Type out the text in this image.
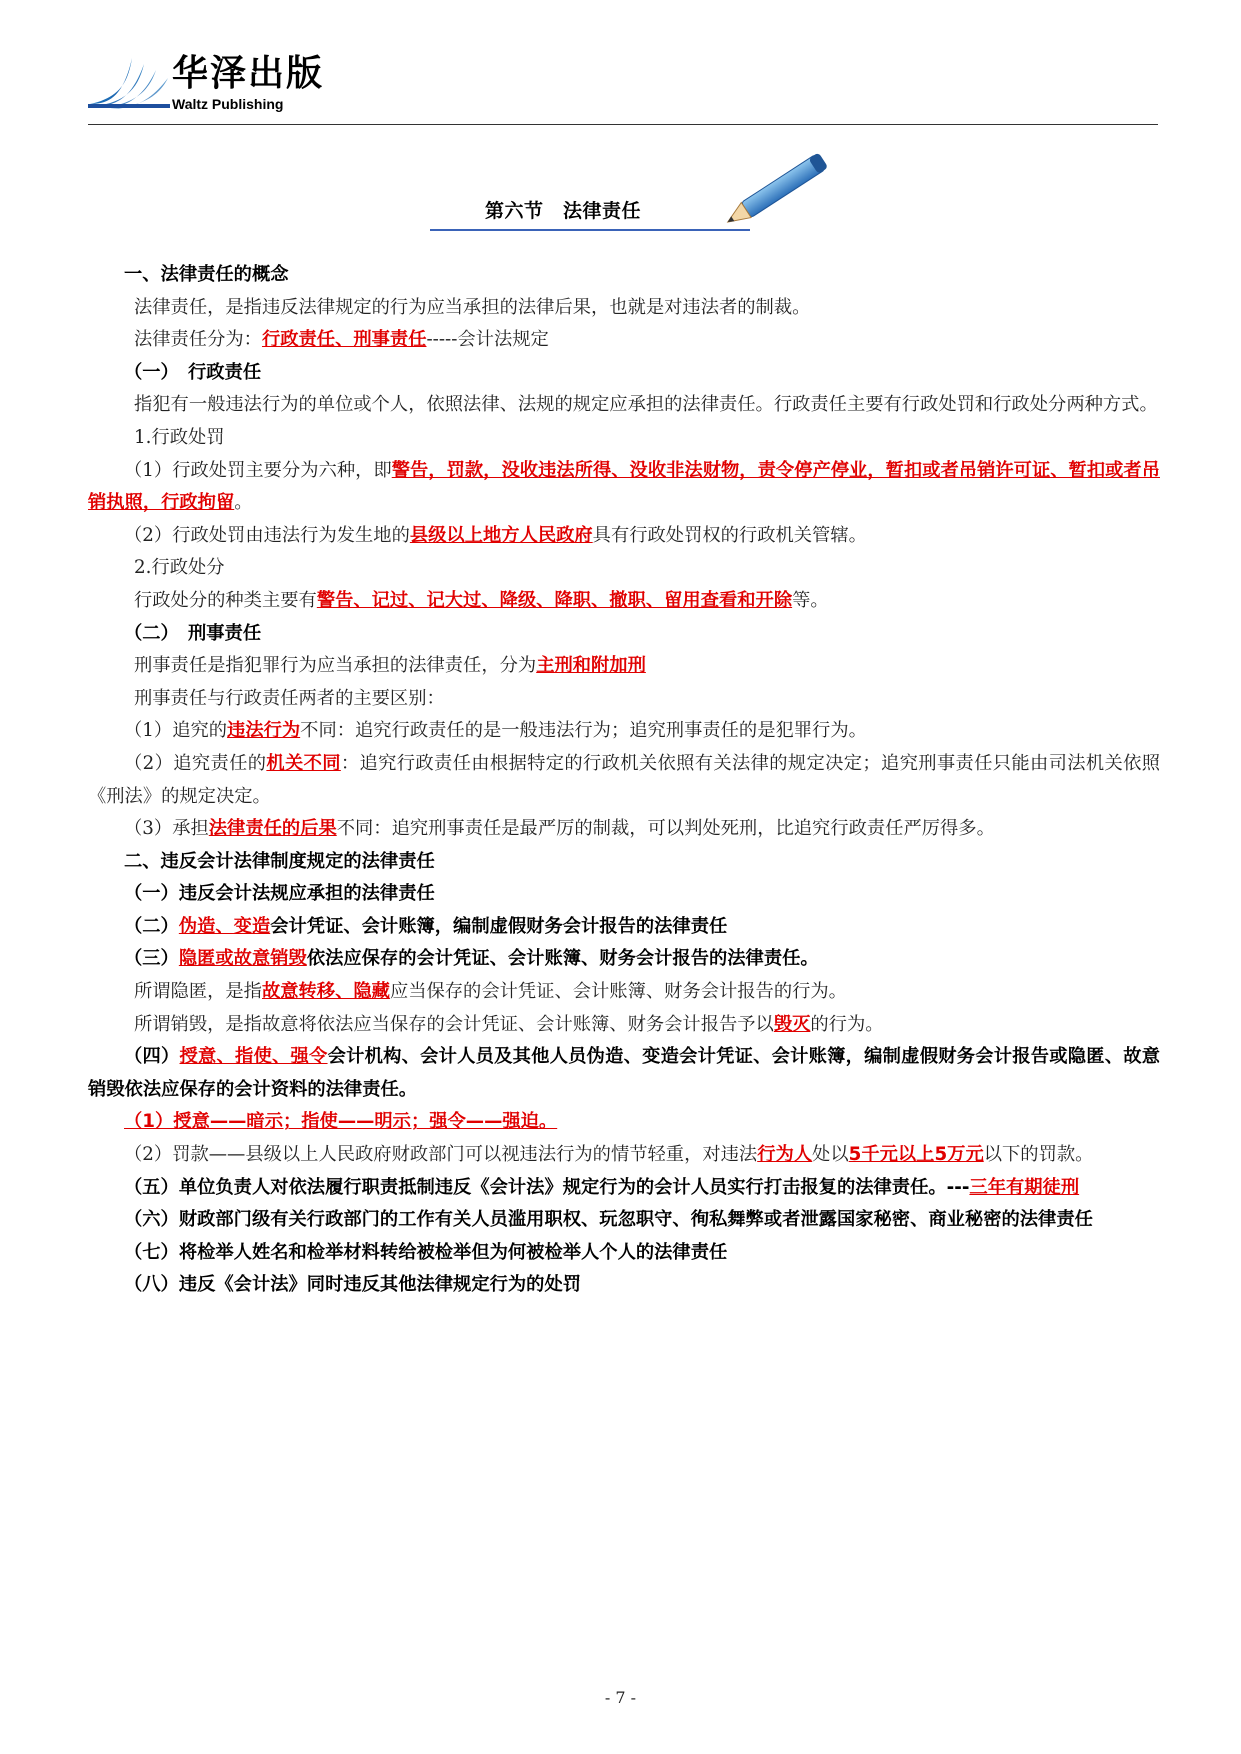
华泽出版
Waltz Publishing
第六节　法律责任

一、法律责任的概念

法律责任，是指违反法律规定的行为应当承担的法律后果，也就是对违法者的制裁。

法律责任分为：行政责任、刑事责任-----会计法规定

（一）　行政责任

指犯有一般违法行为的单位或个人，依照法律、法规的规定应承担的法律责任。行政责任主要有行政处罚和行政处分两种方式。

1.行政处罚

（1）行政处罚主要分为六种，即警告，罚款，没收违法所得、没收非法财物，责令停产停业，暂扣或者吊销许可证、暂扣或者吊销执照，行政拘留。

（2）行政处罚由违法行为发生地的县级以上地方人民政府具有行政处罚权的行政机关管辖。

2.行政处分

行政处分的种类主要有警告、记过、记大过、降级、降职、撤职、留用查看和开除等。

（二）　刑事责任

刑事责任是指犯罪行为应当承担的法律责任，分为主刑和附加刑

刑事责任与行政责任两者的主要区别：

（1）追究的违法行为不同：追究行政责任的是一般违法行为；追究刑事责任的是犯罪行为。

（2）追究责任的机关不同：追究行政责任由根据特定的行政机关依照有关法律的规定决定；追究刑事责任只能由司法机关依照《刑法》的规定决定。

（3）承担法律责任的后果不同：追究刑事责任是最严厉的制裁，可以判处死刑，比追究行政责任严厉得多。

二、违反会计法律制度规定的法律责任

（一）违反会计法规应承担的法律责任

（二）伪造、变造会计凭证、会计账簿，编制虚假财务会计报告的法律责任

（三）隐匿或故意销毁依法应保存的会计凭证、会计账簿、财务会计报告的法律责任。

所谓隐匿，是指故意转移、隐藏应当保存的会计凭证、会计账簿、财务会计报告的行为。

所谓销毁，是指故意将依法应当保存的会计凭证、会计账簿、财务会计报告予以毁灭的行为。

（四）授意、指使、强令会计机构、会计人员及其他人员伪造、变造会计凭证、会计账簿，编制虚假财务会计报告或隐匿、故意销毁依法应保存的会计资料的法律责任。

（1）授意——暗示；指使——明示；强令——强迫。

（2）罚款——县级以上人民政府财政部门可以视违法行为的情节轻重，对违法行为人处以5千元以上5万元以下的罚款。

（五）单位负责人对依法履行职责抵制违反《会计法》规定行为的会计人员实行打击报复的法律责任。---三年有期徒刑

（六）财政部门级有关行政部门的工作有关人员滥用职权、玩忽职守、徇私舞弊或者泄露国家秘密、商业秘密的法律责任

（七）将检举人姓名和检举材料转给被检举但为何被检举人个人的法律责任

（八）违反《会计法》同时违反其他法律规定行为的处罚

- 7 -
